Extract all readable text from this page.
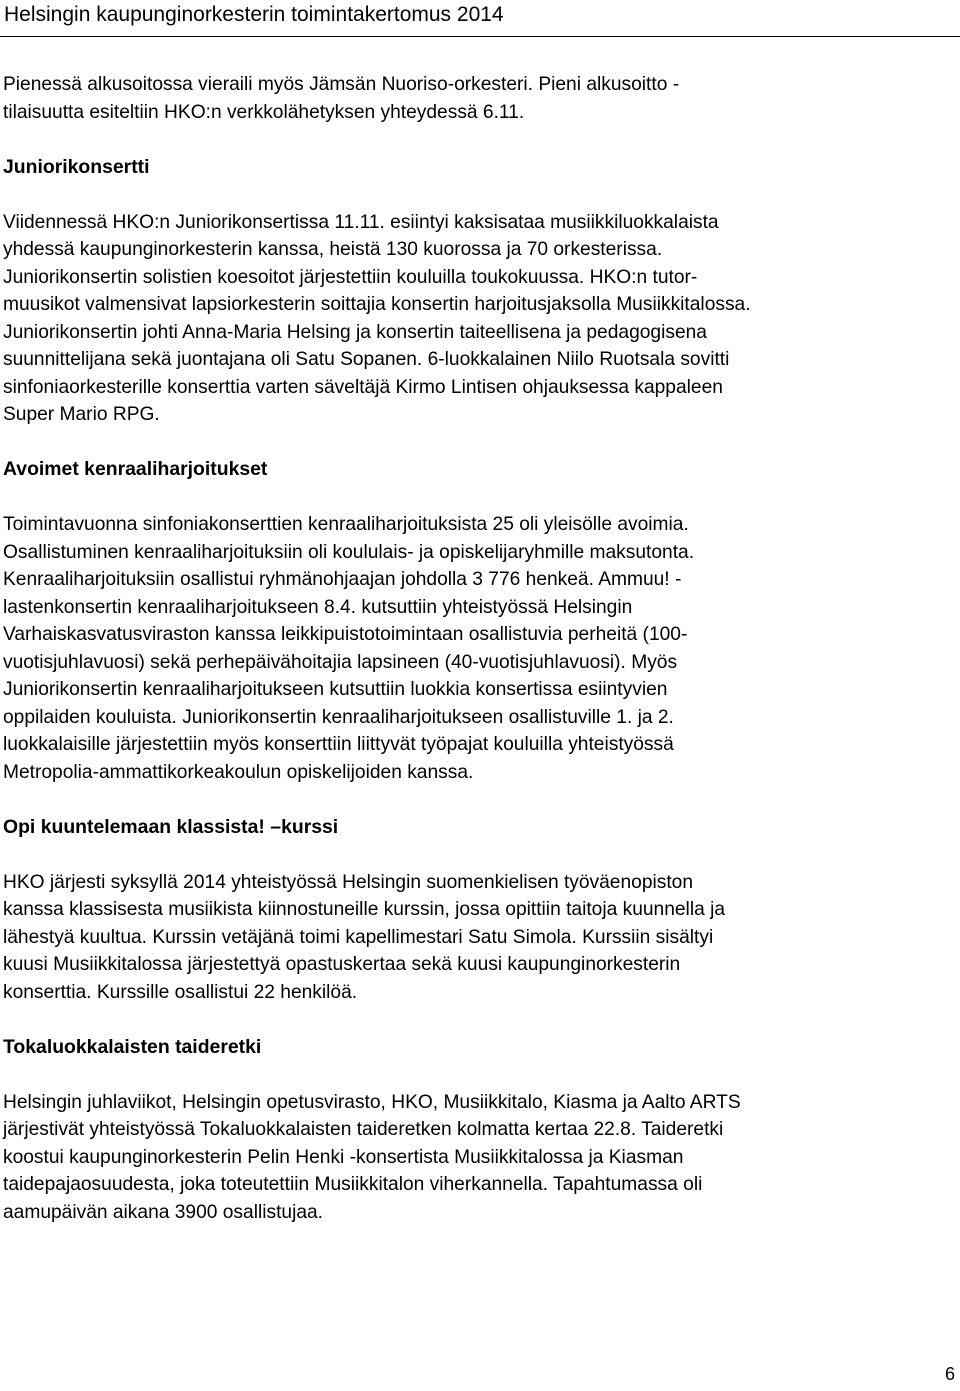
Helsingin kaupunginorkesterin toimintakertomus 2014

Pienessä alkusoitossa vieraili myös Jämsän Nuoriso-orkesteri. Pieni alkusoitto -

tilaisuutta esiteltiin HKO:n verkkolähetyksen yhteydessä 6.11.

Juniorikonsertti

Viidennessä HKO:n Juniorikonsertissa 11.11. esiintyi kaksisataa musiikkiluokkalaista

yhdessä kaupunginorkesterin kanssa, heistä 130 kuorossa ja 70 orkesterissa.

Juniorikonsertin solistien koesoitot järjestettiin kouluilla toukokuussa. HKO:n tutor-

muusikot valmensivat lapsiorkesterin soittajia konsertin harjoitusjaksolla Musiikkitalossa.

Juniorikonsertin johti Anna-Maria Helsing ja konsertin taiteellisena ja pedagogisena

suunnittelijana sekä juontajana oli Satu Sopanen. 6-luokkalainen Niilo Ruotsala sovitti

sinfoniaorkesterille konserttia varten säveltäjä Kirmo Lintisen ohjauksessa kappaleen

Super Mario RPG.

Avoimet kenraaliharjoitukset

Toimintavuonna sinfoniakonserttien kenraaliharjoituksista 25 oli yleisölle avoimia.

Osallistuminen kenraaliharjoituksiin oli koululais- ja opiskelijaryhmille maksutonta.

Kenraaliharjoituksiin osallistui ryhmänohjaajan johdolla 3 776 henkeä. Ammuu! -

lastenkonsertin kenraaliharjoitukseen 8.4. kutsuttiin yhteistyössä Helsingin

Varhaiskasvatusviraston kanssa leikkipuistotoimintaan osallistuvia perheitä (100-

vuotisjuhlavuosi) sekä perhepäivähoitajia lapsineen (40-vuotisjuhlavuosi). Myös

Juniorikonsertin kenraaliharjoitukseen kutsuttiin luokkia konsertissa esiintyvien

oppilaiden kouluista. Juniorikonsertin kenraaliharjoitukseen osallistuville 1. ja 2.

luokkalaisille järjestettiin myös konserttiin liittyvät työpajat kouluilla yhteistyössä

Metropolia-ammattikorkeakoulun opiskelijoiden kanssa.

Opi kuuntelemaan klassista! –kurssi

HKO järjesti syksyllä 2014 yhteistyössä Helsingin suomenkielisen työväenopiston

kanssa klassisesta musiikista kiinnostuneille kurssin, jossa opittiin taitoja kuunnella ja

lähestyä kuultua. Kurssin vetäjänä toimi kapellimestari Satu Simola. Kurssiin sisältyi

kuusi Musiikkitalossa järjestettyä opastuskertaa sekä kuusi kaupunginorkesterin

konserttia. Kurssille osallistui 22 henkilöä.

Tokaluokkalaisten taideretki

Helsingin juhlaviikot, Helsingin opetusvirasto, HKO, Musiikkitalo, Kiasma ja Aalto ARTS

järjestivät yhteistyössä Tokaluokkalaisten taideretken kolmatta kertaa 22.8. Taideretki

koostui kaupunginorkesterin Pelin Henki -konsertista Musiikkitalossa ja Kiasman

taidepajaosuudesta, joka toteutettiin Musiikkitalon viherkannella. Tapahtumassa oli

aamupäivän aikana 3900 osallistujaa.

6
